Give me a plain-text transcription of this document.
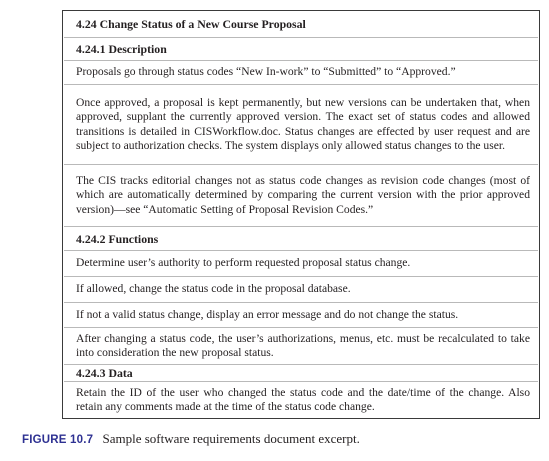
4.24 Change Status of a New Course Proposal

4.24.1 Description

Proposals go through status codes “New In-work” to “Submitted” to “Approved.”

Once approved, a proposal is kept permanently, but new versions can be undertaken that, when approved, supplant the currently approved version. The exact set of status codes and allowed transitions is detailed in CISWorkflow.doc. Status changes are effected by user request and are subject to authorization checks. The system displays only allowed status changes to the user.

The CIS tracks editorial changes not as status code changes as revision code changes (most of which are automatically determined by comparing the current version with the prior approved version)—see “Automatic Setting of Proposal Revision Codes.”

4.24.2 Functions

Determine user’s authority to perform requested proposal status change.

If allowed, change the status code in the proposal database.

If not a valid status change, display an error message and do not change the status.

After changing a status code, the user’s authorizations, menus, etc. must be recalculated to take into consideration the new proposal status.

4.24.3 Data

Retain the ID of the user who changed the status code and the date/time of the change. Also retain any comments made at the time of the status code change.

FIGURE 10.7 Sample software requirements document excerpt.
